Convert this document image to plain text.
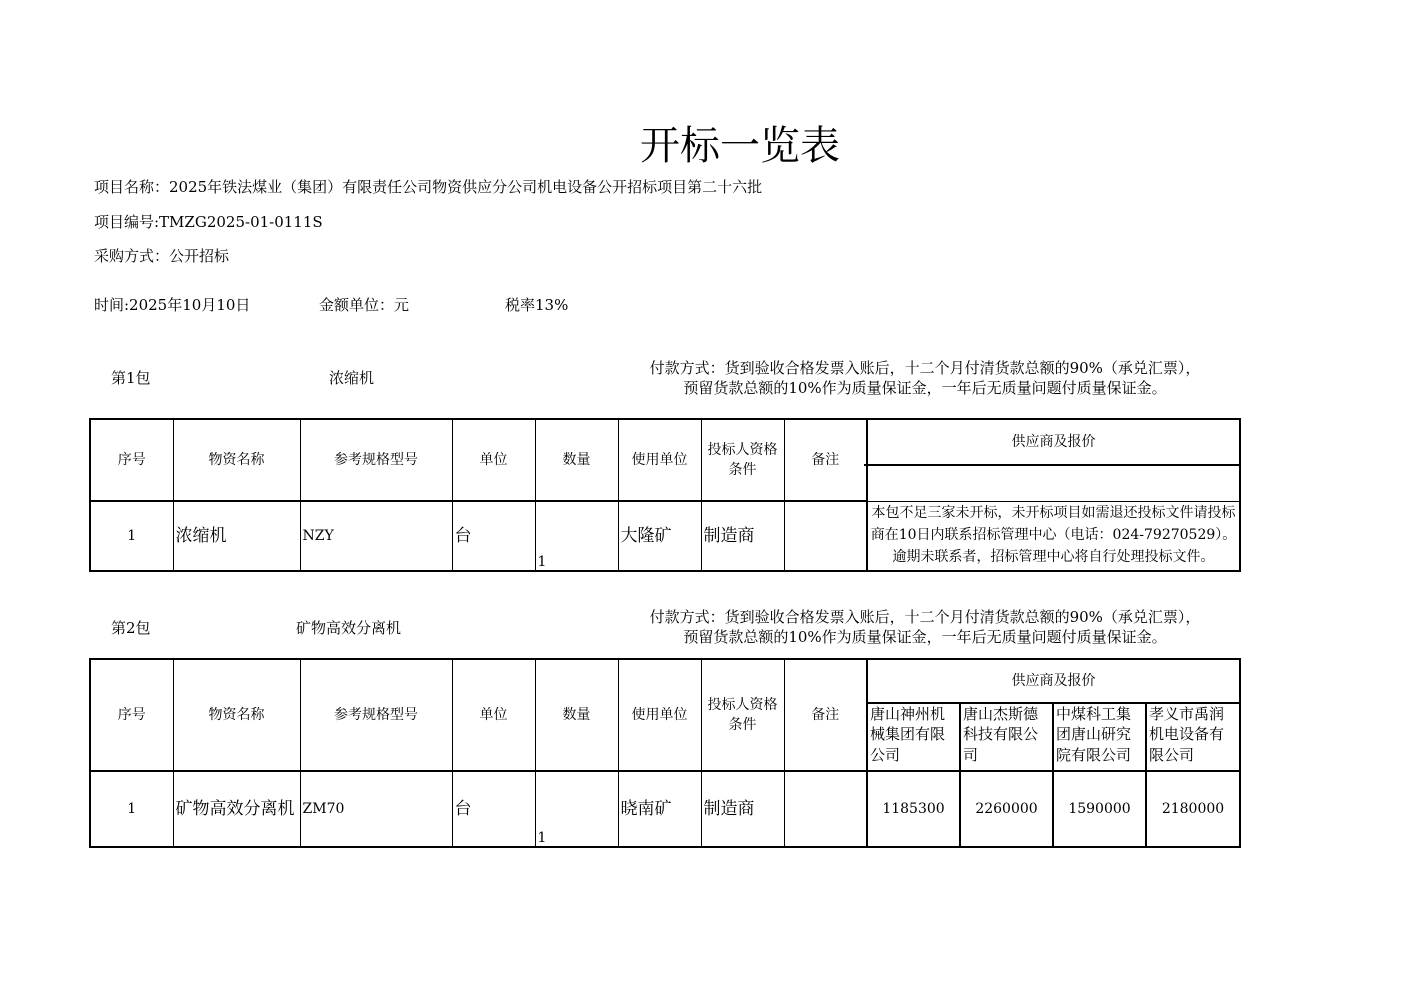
开标一览表
项目名称：2025年铁法煤业（集团）有限责任公司物资供应分公司机电设备公开招标项目第二十六批
项目编号:TMZG2025-01-0111S
采购方式：公开招标
时间:2025年10月10日	金额单位：元	税率13%
第1包	浓缩机
付款方式：货到验收合格发票入账后，十二个月付清货款总额的90%（承兑汇票），
预留货款总额的10%作为质量保证金，一年后无质量问题付质量保证金。
序号	物资名称	参考规格型号	单位	数量	使用单位	投标人资格条件	备注	供应商及报价

1	浓缩机	NZY	台	1	大隆矿	制造商		本包不足三家未开标，未开标项目如需退还投标文件请投标商在10日内联系招标管理中心（电话：024-79270529）。逾期未联系者，招标管理中心将自行处理投标文件。
第2包	矿物高效分离机
付款方式：货到验收合格发票入账后，十二个月付清货款总额的90%（承兑汇票），
预留货款总额的10%作为质量保证金，一年后无质量问题付质量保证金。
序号	物资名称	参考规格型号	单位	数量	使用单位	投标人资格条件	备注	供应商及报价			
								唐山神州机械集团有限公司	唐山杰斯德科技有限公司	中煤科工集团唐山研究院有限公司	孝义市禹润机电设备有限公司
1	矿物高效分离机	ZM70	台	1	晓南矿	制造商		1185300	2260000	1590000	2180000
